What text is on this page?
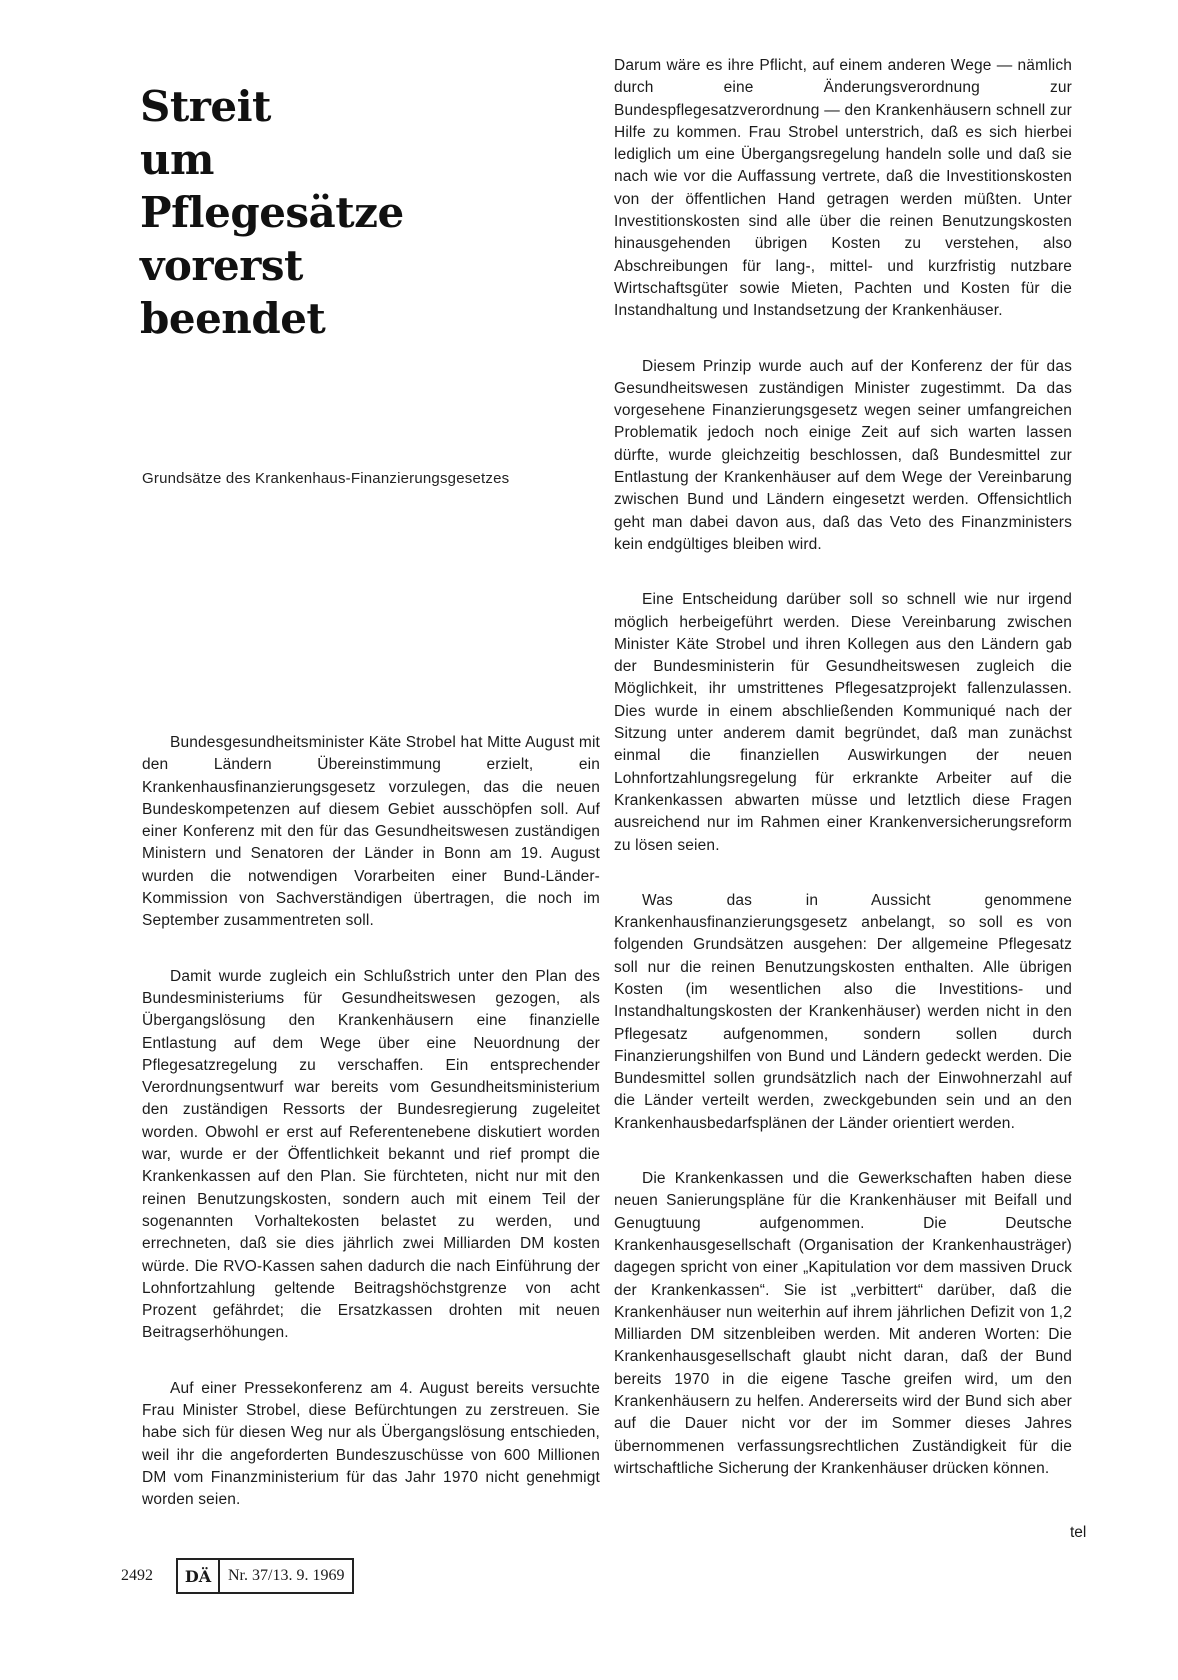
Streit
um
Pflegesätze
vorerst
beendet
Grundsätze des Krankenhaus-Finanzierungsgesetzes

Bundesgesundheitsminister Käte Strobel hat Mitte August mit den Ländern Übereinstimmung erzielt, ein Krankenhausfinanzierungsgesetz vorzulegen, das die neuen Bundeskompetenzen auf diesem Gebiet ausschöpfen soll. Auf einer Konferenz mit den für das Gesundheitswesen zuständigen Ministern und Senatoren der Länder in Bonn am 19. August wurden die notwendigen Vorarbeiten einer Bund-Länder-Kommission von Sachverständigen übertragen, die noch im September zusammentreten soll.

Damit wurde zugleich ein Schlußstrich unter den Plan des Bundesministeriums für Gesundheitswesen gezogen, als Übergangslösung den Krankenhäusern eine finanzielle Entlastung auf dem Wege über eine Neuordnung der Pflegesatzregelung zu verschaffen. Ein entsprechender Verordnungsentwurf war bereits vom Gesundheitsministerium den zuständigen Ressorts der Bundesregierung zugeleitet worden. Obwohl er erst auf Referentenebene diskutiert worden war, wurde er der Öffentlichkeit bekannt und rief prompt die Krankenkassen auf den Plan. Sie fürchteten, nicht nur mit den reinen Benutzungskosten, sondern auch mit einem Teil der sogenannten Vorhaltekosten belastet zu werden, und errechneten, daß sie dies jährlich zwei Milliarden DM kosten würde. Die RVO-Kassen sahen dadurch die nach Einführung der Lohnfortzahlung geltende Beitragshöchstgrenze von acht Prozent gefährdet; die Ersatzkassen drohten mit neuen Beitragserhöhungen.

Auf einer Pressekonferenz am 4. August bereits versuchte Frau Minister Strobel, diese Befürchtungen zu zerstreuen. Sie habe sich für diesen Weg nur als Übergangslösung entschieden, weil ihr die angeforderten Bundeszuschüsse von 600 Millionen DM vom Finanzministerium für das Jahr 1970 nicht genehmigt worden seien.

Darum wäre es ihre Pflicht, auf einem anderen Wege — nämlich durch eine Änderungsverordnung zur Bundespflegesatzverordnung — den Krankenhäusern schnell zur Hilfe zu kommen. Frau Strobel unterstrich, daß es sich hierbei lediglich um eine Übergangsregelung handeln solle und daß sie nach wie vor die Auffassung vertrete, daß die Investitionskosten von der öffentlichen Hand getragen werden müßten. Unter Investitionskosten sind alle über die reinen Benutzungskosten hinausgehenden übrigen Kosten zu verstehen, also Abschreibungen für lang-, mittel- und kurzfristig nutzbare Wirtschaftsgüter sowie Mieten, Pachten und Kosten für die Instandhaltung und Instandsetzung der Krankenhäuser.

Diesem Prinzip wurde auch auf der Konferenz der für das Gesundheitswesen zuständigen Minister zugestimmt. Da das vorgesehene Finanzierungsgesetz wegen seiner umfangreichen Problematik jedoch noch einige Zeit auf sich warten lassen dürfte, wurde gleichzeitig beschlossen, daß Bundesmittel zur Entlastung der Krankenhäuser auf dem Wege der Vereinbarung zwischen Bund und Ländern eingesetzt werden. Offensichtlich geht man dabei davon aus, daß das Veto des Finanzministers kein endgültiges bleiben wird.

Eine Entscheidung darüber soll so schnell wie nur irgend möglich herbeigeführt werden. Diese Vereinbarung zwischen Minister Käte Strobel und ihren Kollegen aus den Ländern gab der Bundesministerin für Gesundheitswesen zugleich die Möglichkeit, ihr umstrittenes Pflegesatzprojekt fallenzulassen. Dies wurde in einem abschließenden Kommuniqué nach der Sitzung unter anderem damit begründet, daß man zunächst einmal die finanziellen Auswirkungen der neuen Lohnfortzahlungsregelung für erkrankte Arbeiter auf die Krankenkassen abwarten müsse und letztlich diese Fragen ausreichend nur im Rahmen einer Krankenversicherungsreform zu lösen seien.

Was das in Aussicht genommene Krankenhausfinanzierungsgesetz anbelangt, so soll es von folgenden Grundsätzen ausgehen: Der allgemeine Pflegesatz soll nur die reinen Benutzungskosten enthalten. Alle übrigen Kosten (im wesentlichen also die Investitions- und Instandhaltungskosten der Krankenhäuser) werden nicht in den Pflegesatz aufgenommen, sondern sollen durch Finanzierungshilfen von Bund und Ländern gedeckt werden. Die Bundesmittel sollen grundsätzlich nach der Einwohnerzahl auf die Länder verteilt werden, zweckgebunden sein und an den Krankenhausbedarfsplänen der Länder orientiert werden.

Die Krankenkassen und die Gewerkschaften haben diese neuen Sanierungspläne für die Krankenhäuser mit Beifall und Genugtuung aufgenommen. Die Deutsche Krankenhausgesellschaft (Organisation der Krankenhausträger) dagegen spricht von einer „Kapitulation vor dem massiven Druck der Krankenkassen“. Sie ist „verbittert“ darüber, daß die Krankenhäuser nun weiterhin auf ihrem jährlichen Defizit von 1,2 Milliarden DM sitzenbleiben werden. Mit anderen Worten: Die Krankenhausgesellschaft glaubt nicht daran, daß der Bund bereits 1970 in die eigene Tasche greifen wird, um den Krankenhäusern zu helfen. Andererseits wird der Bund sich aber auf die Dauer nicht vor der im Sommer dieses Jahres übernommenen verfassungsrechtlichen Zuständigkeit für die wirtschaftliche Sicherung der Krankenhäuser drücken können.

tel
2492	DÄ	Nr. 37/13. 9. 1969
